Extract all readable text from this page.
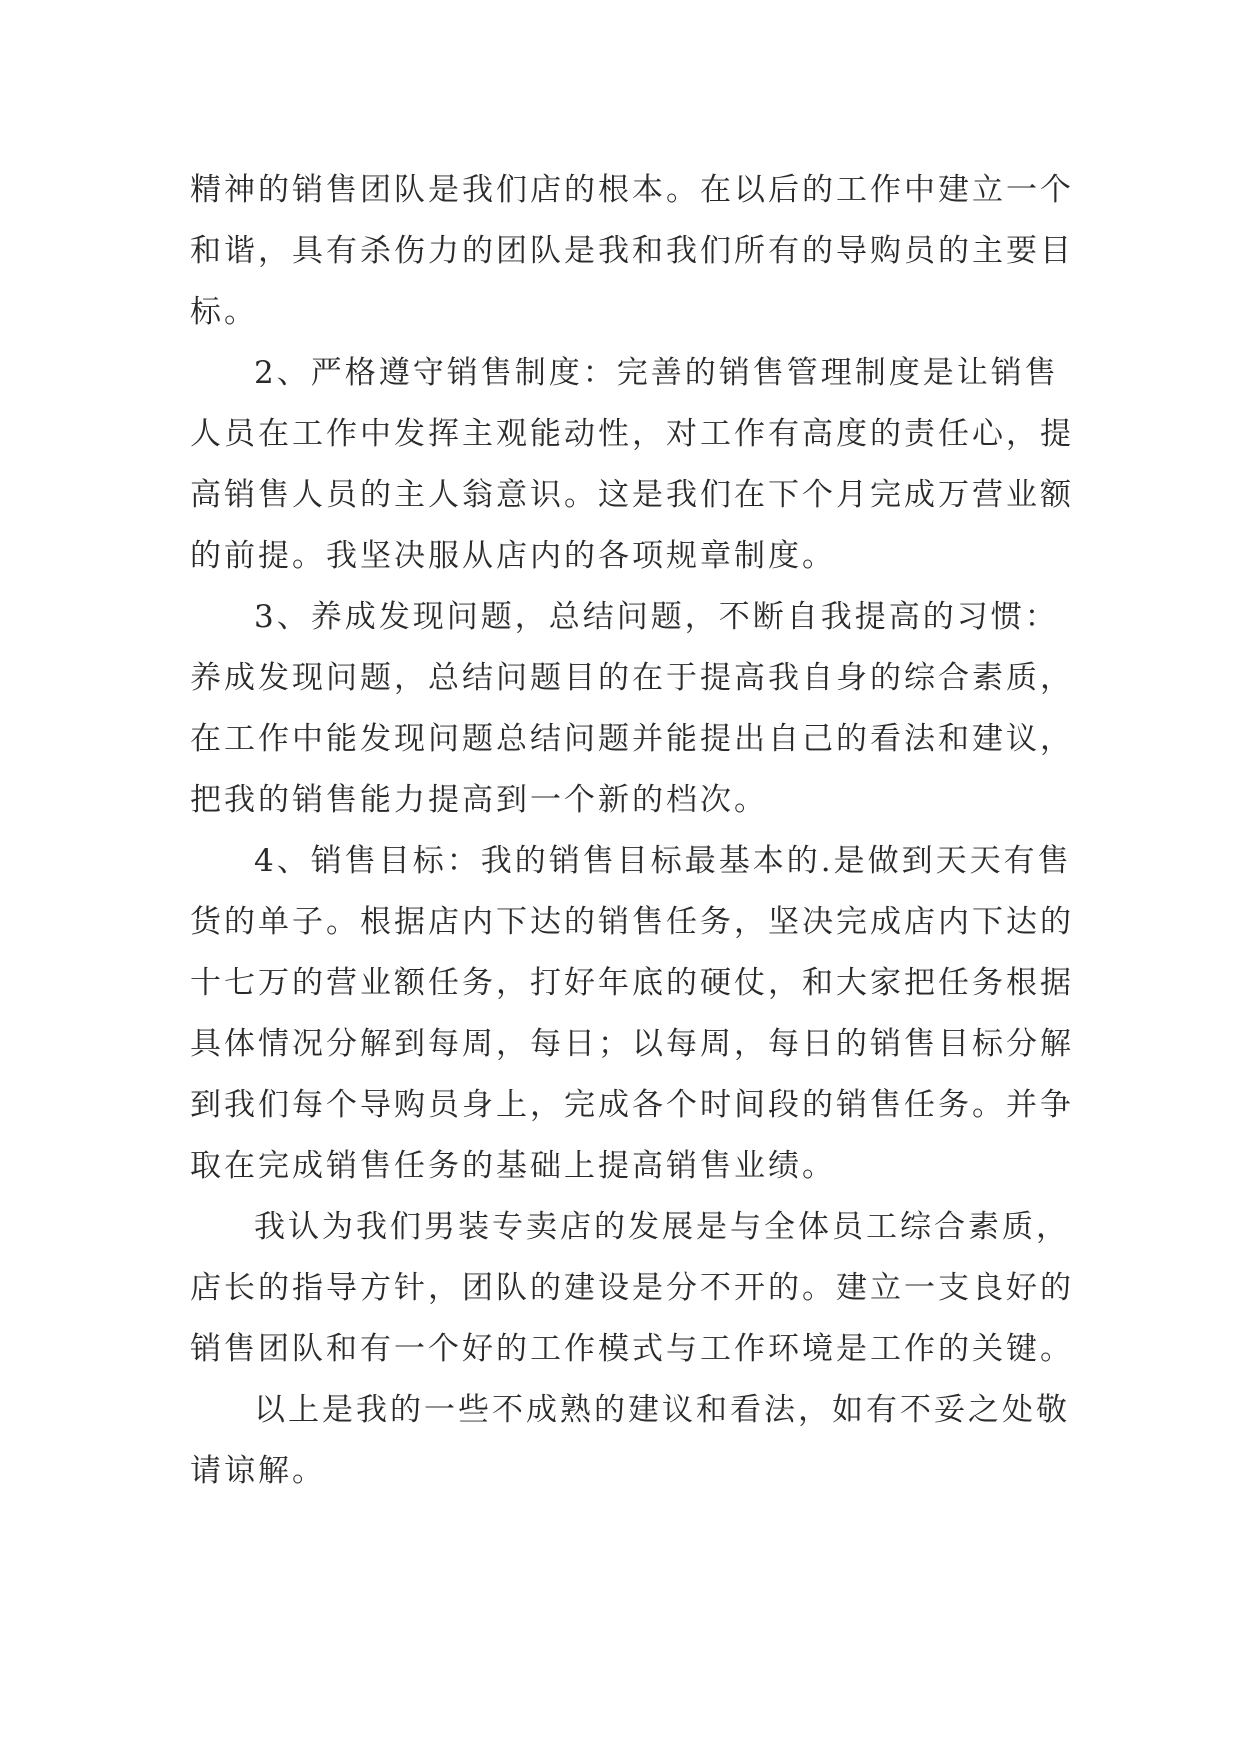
精神的销售团队是我们店的根本。在以后的工作中建立一个
和谐，具有杀伤力的团队是我和我们所有的导购员的主要目
标。
2、严格遵守销售制度：完善的销售管理制度是让销售
人员在工作中发挥主观能动性，对工作有高度的责任心，提
高销售人员的主人翁意识。这是我们在下个月完成万营业额
的前提。我坚决服从店内的各项规章制度。
3、养成发现问题，总结问题，不断自我提高的习惯：
养成发现问题，总结问题目的在于提高我自身的综合素质，
在工作中能发现问题总结问题并能提出自己的看法和建议，
把我的销售能力提高到一个新的档次。
4、销售目标：我的销售目标最基本的.是做到天天有售
货的单子。根据店内下达的销售任务，坚决完成店内下达的
十七万的营业额任务，打好年底的硬仗，和大家把任务根据
具体情况分解到每周，每日；以每周，每日的销售目标分解
到我们每个导购员身上，完成各个时间段的销售任务。并争
取在完成销售任务的基础上提高销售业绩。
我认为我们男装专卖店的发展是与全体员工综合素质，
店长的指导方针，团队的建设是分不开的。建立一支良好的
销售团队和有一个好的工作模式与工作环境是工作的关键。
以上是我的一些不成熟的建议和看法，如有不妥之处敬
请谅解。
